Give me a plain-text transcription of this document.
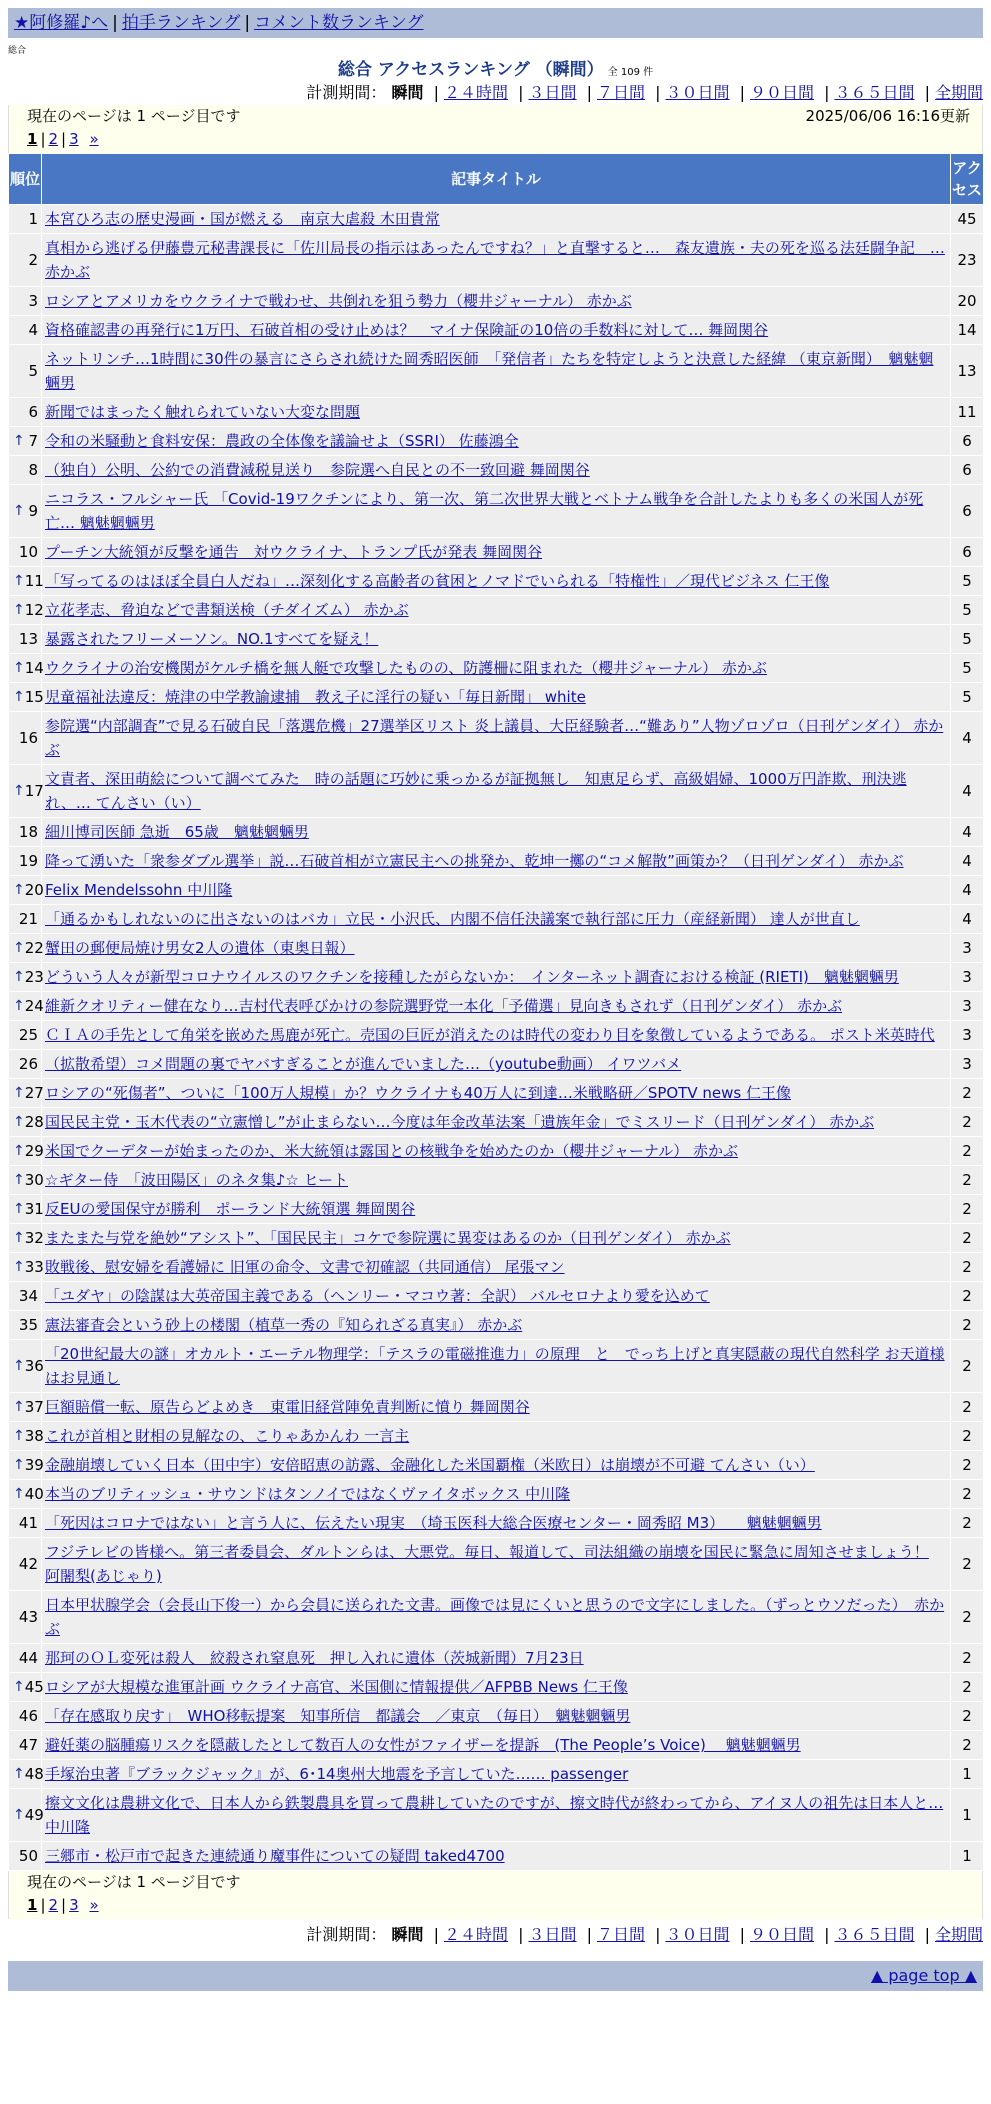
★阿修羅♪へ | 拍手ランキング | コメント数ランキング
総合
総合 アクセスランキング （瞬間） 全 109 件
計測期間： 瞬間 | ２４時間 | ３日間 | ７日間 | ３０日間 | ９０日間 | ３６５日間 | 全期間
現在のページは 1 ページ目です	2025/06/06 16:16更新
1 | 2 | 3 »
順位	記事タイトル	アクセス
1	本宮ひろ志の歴史漫画・国が燃える　南京大虐殺 木田貴常	45
2	真相から逃げる伊藤豊元秘書課長に「佐川局長の指示はあったんですね？」と直撃すると…　森友遺族・夫の死を巡る法廷闘争記　… 赤かぶ	23
3	ロシアとアメリカをウクライナで戦わせ、共倒れを狙う勢力（櫻井ジャーナル） 赤かぶ	20
4	資格確認書の再発行に1万円、石破首相の受け止めは？　マイナ保険証の10倍の手数料に対して… 舞岡関谷	14
5	ネットリンチ…1時間に30件の暴言にさらされ続けた岡秀昭医師　「発信者」たちを特定しようと決意した経緯 （東京新聞）　魑魅魍魎男	13
6	新聞ではまったく触れられていない大変な問題	11

↑ 7	令和の米騒動と食料安保：農政の全体像を議論せよ（SSRI） 佐藤鴻全	6
8	（独自）公明、公約での消費減税見送り　参院選へ自民との不一致回避 舞岡関谷	6

↑ 9	ニコラス・フルシャー氏 「Covid-19ワクチンにより、第一次、第二次世界大戦とベトナム戦争を合計したよりも多くの米国人が死亡… 魑魅魍魎男	6
10	プーチン大統領が反撃を通告　対ウクライナ、トランプ氏が発表 舞岡関谷	6

↑ 11	「写ってるのはほぼ全員白人だね」…深刻化する高齢者の貧困とノマドでいられる「特権性」／現代ビジネス 仁王像	5

↑ 12	立花孝志、脅迫などで書類送検（チダイズム） 赤かぶ	5
13	暴露されたフリーメーソン。NO.1すべてを疑え！	5

↑ 14	ウクライナの治安機関がケルチ橋を無人艇で攻撃したものの、防護柵に阻まれた（櫻井ジャーナル） 赤かぶ	5

↑ 15	児童福祉法違反：焼津の中学教諭逮捕　教え子に淫行の疑い「毎日新聞」 white	5
16	参院選“内部調査”で見る石破自民「落選危機」27選挙区リスト 炎上議員、大臣経験者…“難あり”人物ゾロゾロ（日刊ゲンダイ） 赤かぶ	4

↑ 17	文責者、深田萌絵について調べてみた　時の話題に巧妙に乗っかるが証拠無し　知恵足らず、高級娼婦、1000万円詐欺、刑決逃れ、… てんさい（い）	4
18	細川博司医師 急逝　65歳　魑魅魍魎男	4
19	降って湧いた「衆参ダブル選挙」説…石破首相が立憲民主への挑発か、乾坤一擲の“コメ解散”画策か？（日刊ゲンダイ） 赤かぶ	4

↑ 20	Felix Mendelssohn 中川隆	4
21	「通るかもしれないのに出さないのはバカ」立民・小沢氏、内閣不信任決議案で執行部に圧力（産経新聞） 達人が世直し	4

↑ 22	蟹田の郵便局焼け男女2人の遺体（東奥日報）	3

↑ 23	どういう人々が新型コロナウイルスのワクチンを接種したがらないか：　インターネット調査における検証 (RIETI)　魑魅魍魎男	3

↑ 24	維新クオリティー健在なり…吉村代表呼びかけの参院選野党一本化「予備選」見向きもされず（日刊ゲンダイ） 赤かぶ	3
25	ＣＩＡの手先として角栄を嵌めた馬鹿が死亡。売国の巨匠が消えたのは時代の変わり目を象徴しているようである。 ポスト米英時代	3
26	（拡散希望）コメ問題の裏でヤバすぎることが進んでいました…（youtube動画） イワツバメ	3

↑ 27	ロシアの“死傷者”、ついに「100万人規模」か？ウクライナも40万人に到達…米戦略研／SPOTV news 仁王像	2

↑ 28	国民民主党・玉木代表の“立憲憎し”が止まらない…今度は年金改革法案「遺族年金」でミスリード（日刊ゲンダイ） 赤かぶ	2

↑ 29	米国でクーデターが始まったのか、米大統領は露国との核戦争を始めたのか（櫻井ジャーナル） 赤かぶ	2

↑ 30	☆ギター侍　「波田陽区」のネタ集♪☆ ヒート	2

↑ 31	反EUの愛国保守が勝利　ポーランド大統領選 舞岡関谷	2

↑ 32	またまた与党を絶妙“アシスト”、「国民民主」コケで参院選に異変はあるのか（日刊ゲンダイ） 赤かぶ	2

↑ 33	敗戦後、慰安婦を看護婦に 旧軍の命令、文書で初確認（共同通信） 尾張マン	2
34	「ユダヤ」の陰謀は大英帝国主義である（ヘンリー・マコウ著：全訳） バルセロナより愛を込めて	2
35	憲法審査会という砂上の楼閣（植草一秀の『知られざる真実』） 赤かぶ	2

↑ 36	「20世紀最大の謎」オカルト・エーテル物理学：「テスラの電磁推進力」の原理　と　でっち上げと真実隠蔽の現代自然科学 お天道様はお見通し	2

↑ 37	巨額賠償一転、原告らどよめき　東電旧経営陣免責判断に憤り 舞岡関谷	2

↑ 38	これが首相と財相の見解なの、こりゃあかんわ 一言主	2

↑ 39	金融崩壊していく日本（田中宇）安倍昭恵の訪露、金融化した米国覇権（米欧日）は崩壊が不可避 てんさい（い）	2

↑ 40	本当のブリティッシュ・サウンドはタンノイではなくヴァイタボックス 中川隆	2
41	「死因はコロナではない」と言う人に、伝えたい現実　（埼玉医科大総合医療センター・岡秀昭 M3）　　魑魅魍魎男	2
42	フジテレビの皆様へ。第三者委員会、ダルトンらは、大悪党。毎日、報道して、司法組織の崩壊を国民に緊急に周知させましょう！ 阿闍梨(あじゃり)	2
43	日本甲状腺学会（会長山下俊一）から会員に送られた文書。画像では見にくいと思うので文字にしました。（ずっとウソだった）　赤かぶ	2
44	那珂のＯＬ変死は殺人　絞殺され窒息死　押し入れに遺体（茨城新聞）7月23日	2

↑ 45	ロシアが大規模な進軍計画 ウクライナ高官、米国側に情報提供／AFPBB News 仁王像	2
46	「存在感取り戻す」　WHO移転提案　知事所信　都議会　／東京　（毎日）　魑魅魍魎男	2
47	避妊薬の脳腫瘍リスクを隠蔽したとして数百人の女性がファイザーを提訴　(The People’s Voice)　 魑魅魍魎男	2

↑ 48	手塚治虫著『ブラックジャック』が、6･14奥州大地震を予言していた…… passenger	1

↑ 49	擦文文化は農耕文化で、日本人から鉄製農具を買って農耕していたのですが、擦文時代が終わってから、アイヌ人の祖先は日本人と… 中川隆	1
50	三郷市・松戸市で起きた連続通り魔事件についての疑問 taked4700	1
現在のページは 1 ページ目です
1 | 2 | 3 »
計測期間： 瞬間 | ２４時間 | ３日間 | ７日間 | ３０日間 | ９０日間 | ３６５日間 | 全期間
▲ page top ▲
